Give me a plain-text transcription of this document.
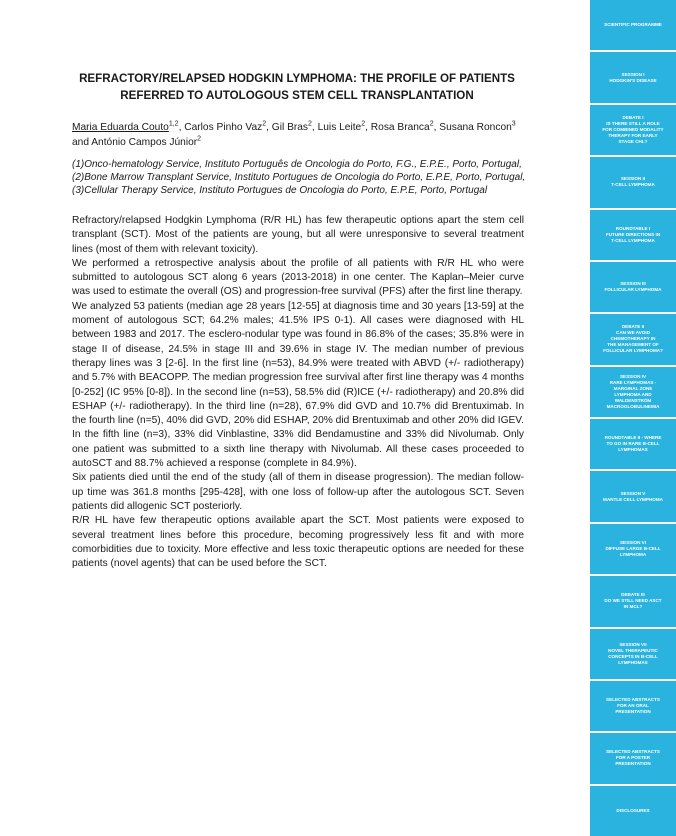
REFRACTORY/RELAPSED HODGKIN LYMPHOMA: THE PROFILE OF PATIENTS
REFERRED TO AUTOLOGOUS STEM CELL TRANSPLANTATION
Maria Eduarda Couto$^{1,2}$, Carlos Pinho Vaz$^2$, Gil Bras$^2$, Luis Leite$^2$, Rosa Branca$^2$, Susana Roncon$^3$ and António Campos Júnior$^2$
(1)Onco-hematology Service, Instituto Português de Oncologia do Porto, F.G., E.P.E., Porto, Portugal,
(2)Bone Marrow Transplant Service, Instituto Portugues de Oncologia do Porto, E.P.E, Porto, Portugal,
(3)Cellular Therapy Service, Instituto Portugues de Oncologia do Porto, E.P.E, Porto, Portugal

Refractory/relapsed Hodgkin Lymphoma (R/R HL) has few therapeutic options apart the stem cell transplant (SCT). Most of the patients are young, but all were unresponsive to several treatment lines (most of them with relevant toxicity).

We performed a retrospective analysis about the profile of all patients with R/R HL who were submitted to autologous SCT along 6 years (2013-2018) in one center. The Kaplan–Meier curve was used to estimate the overall (OS) and progression-free survival (PFS) after the first line therapy.

We analyzed 53 patients (median age 28 years [12-55] at diagnosis time and 30 years [13-59] at the moment of autologous SCT; 64.2% males; 41.5% IPS 0-1). All cases were diagnosed with HL between 1983 and 2017. The esclero-nodular type was found in 86.8% of the cases; 35.8% were in stage II of disease, 24.5% in stage III and 39.6% in stage IV. The median number of previous therapy lines was 3 [2-6]. In the first line (n=53), 84.9% were treated with ABVD (+/- radiotherapy) and 5.7% with BEACOPP. The median progression free survival after first line therapy was 4 months [0-252] (IC 95% [0-8]). In the second line (n=53), 58.5% did (R)ICE (+/- radiotherapy) and 20.8% did ESHAP (+/- radiotherapy). In the third line (n=28), 67.9% did GVD and 10.7% did Brentuximab. In the fourth line (n=5), 40% did GVD, 20% did ESHAP, 20% did Brentuximab and other 20% did IGEV. In the fifth line (n=3), 33% did Vinblastine, 33% did Bendamustine and 33% did Nivolumab. Only one patient was submitted to a sixth line therapy with Nivolumab. All these cases proceeded to autoSCT and 88.7% achieved a response (complete in 84.9%).

Six patients died until the end of the study (all of them in disease progression). The median follow-up time was 361.8 months [295-428], with one loss of follow-up after the autologous SCT. Seven patients did allogenic SCT posteriorly.

R/R HL have few therapeutic options available apart the SCT. Most patients were exposed to several treatment lines before this procedure, becoming progressively less fit and with more comorbidities due to toxicity. More effective and less toxic therapeutic options are needed for these patients (novel agents) that can be used before the SCT.

SCIENTIFIC PROGRAMME
SESSION I
HODGKIN'S DISEASE
DEBATE I
IS THERE STILL A ROLE
FOR COMBINED MODALITY
THERAPY FOR EARLY
STAGE CHL?
SESSION II
T-CELL LYMPHOMA
ROUNDTABLE I
FUTURE DIRECTIONS IN
T-CELL LYMPHOMA
SESSION III
FOLLICULAR LYMPHOMA
DEBATE II
CAN WE AVOID
CHEMOTHERAPY IN
THE MANAGEMENT OF
FOLLICULAR LYMPHOMA?
SESSION IV
RARE LYMPHOMAS -
MARGINAL ZONE
LYMPHOMA AND
WALDENSTRÖM
MACROGLOBULINEMIA
ROUNDTABLE II - WHERE
TO GO IN RARE B-CELL
LYMPHOMAS
SESSION V
MANTLE CELL LYMPHOMA
SESSION VI
DIFFUSE LARGE B-CELL
LYMPHOMA
DEBATE III
DO WE STILL NEED ASCT
IN MCL?
SESSION VII
NOVEL THERAPEUTIC
CONCEPTS IN B-CELL
LYMPHOMAS
SELECTED ABSTRACTS
FOR AN ORAL
PRESENTATION
SELECTED ABSTRACTS
FOR A POSTER
PRESENTATION
DISCLOSURES
